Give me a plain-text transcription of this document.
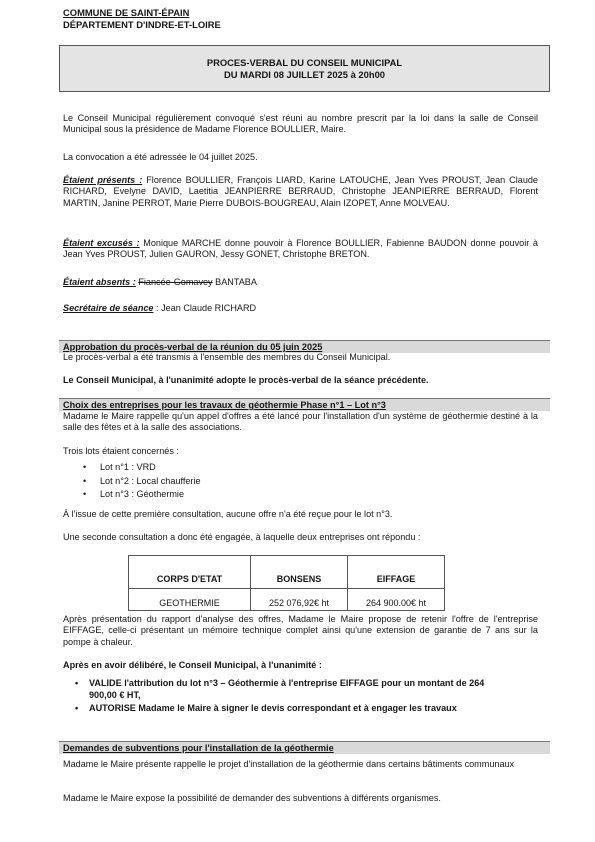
COMMUNE DE SAINT-ÉPAIN
DÉPARTEMENT D'INDRE-ET-LOIRE
PROCES-VERBAL DU CONSEIL MUNICIPAL
DU MARDI 08 JUILLET 2025 à 20h00
Le Conseil Municipal régulièrement convoqué s'est réuni au nombre prescrit par la loi dans la salle de Conseil Municipal sous la présidence de Madame Florence BOULLIER, Maire.
La convocation a été adressée le 04 juillet 2025.
Étaient présents : Florence BOULLIER, François LIARD, Karine LATOUCHE, Jean Yves PROUST, Jean Claude RICHARD, Evelyne DAVID, Laetitia JEANPIERRE BERRAUD, Christophe JEANPIERRE BERRAUD, Florent MARTIN, Janine PERROT, Marie Pierre DUBOIS-BOUGREAU, Alain IZOPET, Anne MOLVEAU.
Étaient excusés : Monique MARCHE donne pouvoir à Florence BOULLIER, Fabienne BAUDON donne pouvoir à Jean Yves PROUST, Julien GAURON, Jessy GONET, Christophe BRETON.
Étaient absents : Fiancée-Gomavey BANTABA
Secrétaire de séance : Jean Claude RICHARD
Approbation du procès-verbal de la réunion du 05 juin 2025
Le procès-verbal a été transmis à l'ensemble des membres du Conseil Municipal.
Le Conseil Municipal, à l'unanimité adopte le procès-verbal de la séance précédente.
Choix des entreprises pour les travaux de géothermie Phase n°1 – Lot n°3
Madame le Maire rappelle qu'un appel d'offres a été lancé pour l'installation d'un système de géothermie destiné à la salle des fêtes et à la salle des associations.
Trois lots étaient concernés :
• Lot n°1 : VRD
• Lot n°2 : Local chaufferie
• Lot n°3 : Géothermie
À l'issue de cette première consultation, aucune offre n'a été reçue pour le lot n°3.
Une seconde consultation a donc été engagée, à laquelle deux entreprises ont répondu :
CORPS D'ETAT	BONSENS	EIFFAGE
GEOTHERMIE	252 076,92€ ht	264 900.00€ ht
Après présentation du rapport d'analyse des offres, Madame le Maire propose de retenir l'offre de l'entreprise EIFFAGE, celle-ci présentant un mémoire technique complet ainsi qu'une extension de garantie de 7 ans sur la pompe à chaleur.
Après en avoir délibéré, le Conseil Municipal, à l'unanimité :
• VALIDE l'attribution du lot n°3 – Géothermie à l'entreprise EIFFAGE pour un montant de 264 900,00 € HT,
• AUTORISE Madame le Maire à signer le devis correspondant et à engager les travaux
Demandes de subventions pour l'installation de la géothermie
Madame le Maire présente rappelle le projet d'installation de la géothermie dans certains bâtiments communaux
Madame le Maire expose la possibilité de demander des subventions à différents organismes.
